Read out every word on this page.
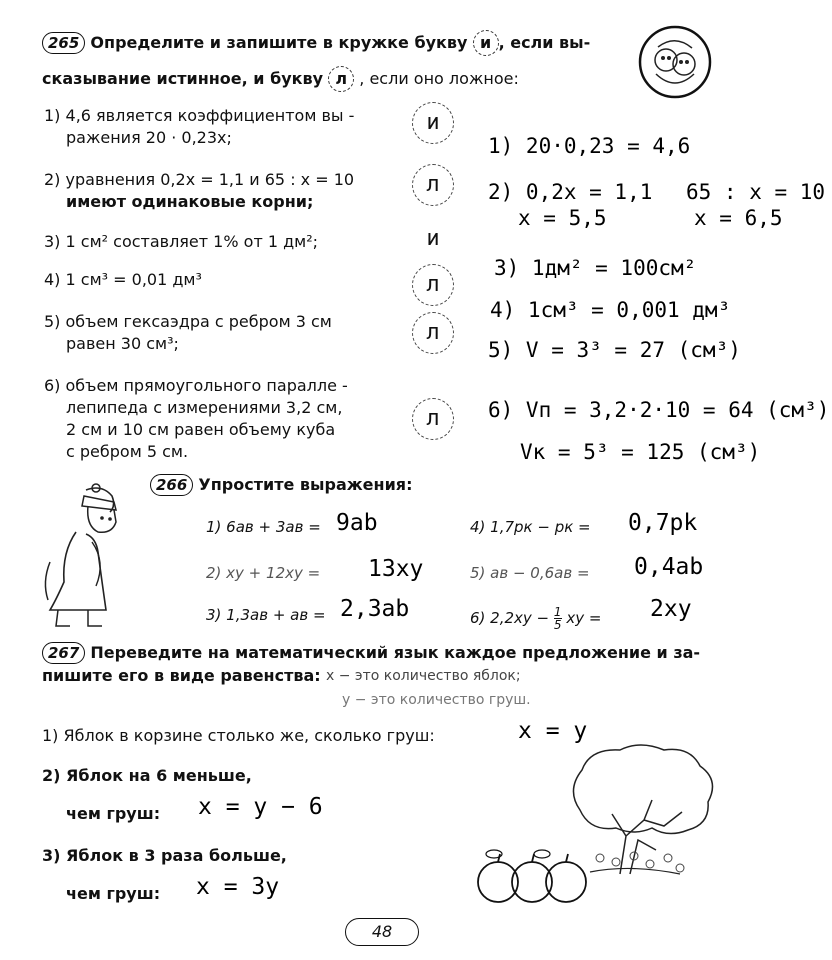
265 Определите и запишите в кружке букву и , если вы-
сказывание истинное, и букву л , если оно ложное:
1) 4,6 является коэффициентом вы -
ражения 20 · 0,23x;
и
2) уравнения 0,2x = 1,1 и 65 : x = 10
имеют одинаковые корни;
л
3) 1 см² составляет 1% от 1 дм²;	и
4) 1 см³ = 0,01 дм³	л
5) объем гексаэдра с ребром 3 см
равен 30 см³;	л
6) объем прямоугольного паралле -
лепипеда с измерениями 3,2 см,
2 см и 10 см равен объему куба
с ребром 5 см.
л
1) 20·0,23 = 4,6
2) 0,2x = 1,1
x = 5,5
65 : x = 10
x = 6,5
3) 1дм² = 100см²
4) 1см³ = 0,001 дм³
5) V = 3³ = 27 (см³)
6) Vп = 3,2·2·10 = 64 (см³)
Vк = 5³ = 125 (см³)
266 Упростите выражения:
1) 6ав + 3ав = 9ab
2) xy + 12xy = 13xy
3) 1,3ав + ав = 2,3ab
4) 1,7pк − pк = 0,7pk
5) ав − 0,6ав = 0,4ab
6) $2,2xy - \frac{1}{5}$ xy = 2xy
267 Переведите на математический язык каждое предложение и за-
пишите его в виде равенства: x − это количество яблок;
y − это количество груш.
1) Яблок в корзине столько же, сколько груш:	x = y
2) Яблок на 6 меньше,
чем груш: x = y − 6
3) Яблок в 3 раза больше,
чем груш: x = 3y
48
